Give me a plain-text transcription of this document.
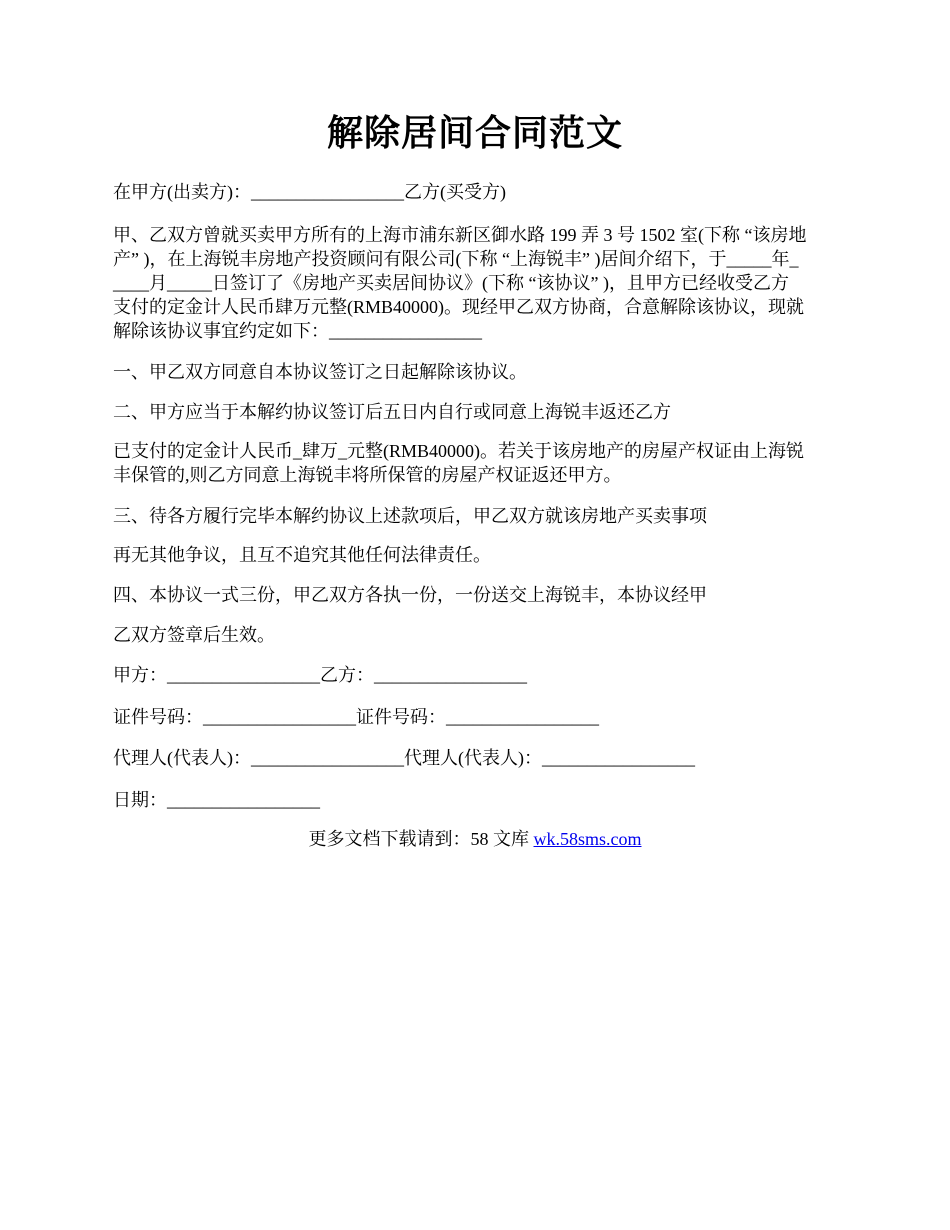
解除居间合同范文
在甲方(出卖方)：_________________乙方(买受方)
甲、乙双方曾就买卖甲方所有的上海市浦东新区御水路 199 弄 3 号 1502 室(下称 “该房地
产” )，在上海锐丰房地产投资顾问有限公司(下称 “上海锐丰” )居间介绍下，于_____年_
____月_____日签订了《房地产买卖居间协议》(下称 “该协议” )，且甲方已经收受乙方
支付的定金计人民币肆万元整(RMB40000)。现经甲乙双方协商，合意解除该协议，现就
解除该协议事宜约定如下：_________________
一、甲乙双方同意自本协议签订之日起解除该协议。
二、甲方应当于本解约协议签订后五日内自行或同意上海锐丰返还乙方
已支付的定金计人民币_肆万_元整(RMB40000)。若关于该房地产的房屋产权证由上海锐
丰保管的,则乙方同意上海锐丰将所保管的房屋产权证返还甲方。
三、待各方履行完毕本解约协议上述款项后，甲乙双方就该房地产买卖事项
再无其他争议，且互不追究其他任何法律责任。
四、本协议一式三份，甲乙双方各执一份，一份送交上海锐丰，本协议经甲
乙双方签章后生效。
甲方：_________________乙方：_________________
证件号码：_________________证件号码：_________________
代理人(代表人)：_________________代理人(代表人)：_________________
日期：_________________
更多文档下载请到：58 文库 wk.58sms.com
